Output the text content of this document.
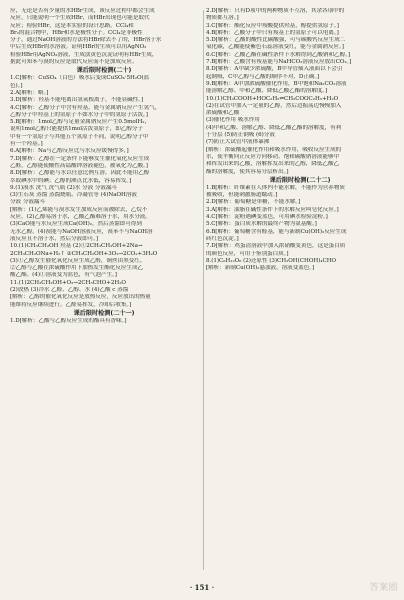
应，无论是否有少量的水HBr生成，该反应过程中都会生成
反应，只能说明一个生成HBr，而HBr出现也可能是取代
反应；检验HBr，这是本实验的设计思路。CCl₄和
Br₂的混合物中，HBr和水是极性分子。CCl₄是非极性
分子，通过NaOH溶液的方法将HBr除去不了的，HBr溶于水
中后生成HBr的水溶液。证明HBr的生成可以用AgNO₃
检验HBr用AgNO₃溶液，生成淡黄色沉淀证明有HBr生成，
据此可知苯与溴的反应是取代反应而不是加成反应。
课后限时检测(二十)
1.C[解析：CuSO₄（白色）吸水后变成CuSO₄·5H₂O(蓝
色)。]
2.A[解析：略。]
3.D[解析：羟基不能电离出氢氧根离子，不能显碱性。]
4.C[解析：乙醇分子中含有羟基，能与金属钠反应产生氢气，
乙醇分子中羟基上的氢原子不如水分子中的氢原子活泼，]
5.B[解析：1mol乙醇与足量金属钠反应产生0.5molH₂，
说明1mol乙醇只能提供1mol活泼氢原子，即乙醇分子
中有一个氢原子与其他五个氢原子不同，说明乙醇分子中
有一个羟基。]
6.A[解析：Na与乙醇反应比与水反应缓慢得多，]
7.D[解析：乙醇在一定条件下能够发生催化氧化反应生成
乙醛，乙醇能使酸性高锰酸钾溶液褪色，被氧化为乙酸。]
8.D[解析：乙醇能与水以任意比例互溶，因此不能用乙醇
萃取碘水中的碘；乙醇的沸点比水低，容易挥发。]
9.(1)溴水 洗气 洗气瓶 (2)水 分液 分液漏斗
(3)生石灰 蒸馏 蒸馏烧瓶、冷凝管等 (4)NaOH溶液
分液 分液漏斗
[解析：(1)乙烯能与溴水发生加成反应而被除去，乙烷不
反应。(2)乙醇易溶于水，乙酸乙酯难溶于水，用水分液。
(3)CaO能与水反应生成Ca(OH)₂，然后蒸馏即可得到
无水乙醇。(4)溴能与NaOH溶液反应，溴苯不与NaOH溶
液反应且不溶于水，然后分液即可。]
10.(1)CH₃CH₂OH 羟基 (2)①2CH₃CH₂OH+2Na→
2CH₃CH₂ONa+H₂↑ ②CH₃CH₂OH+3O₂→2CO₂+3H₂O
(3)①乙醇发生催化氧化反应生成乙醛，铜丝由黑变红。
②乙醇与乙酸在浓硫酸作用下加热发生酯化反应生成乙
酸乙酯。(4)①溶液变为蓝色，有气泡产生。]
11.(1)2CH₃CH₂OH+O₂→2CH₃CHO+2H₂O
(2)放热 (3)冷水 乙醛、乙醇、水 (4)乙酸 c 蒸馏
[解析：乙醇的催化氧化反应是放热反应，反应放出的热量
能维持反应继续进行。乙醛易挥发，冷却后收集。]
课后限时检测(二十一)
1.D[解析：乙酸与乙醇反应生成的酯具有香味。]
2.D[解析：只有D项中的两种物质不互溶，其余各项中的
物质都互溶。]
3.C[解析：酯化反应中羧酸提供羟基，醇提供氢原子。]
4.B[解析：乙酸分子中只有羧基上的氢原子可以电离。]
5.D[解析：乙酸的酸性比碳酸强，可与碳酸钙反应生成二
氧化碳，乙酸能使紫色石蕊溶液变红，能与金属钠反应。]
6.C[解析：乙酸乙酯在碱性条件下水解得到乙酸钠和乙醇。]
7.B[解析：乙酸含有羧基能与NaHCO₃溶液反应放出CO₂。]
8.D[解析：A中缺少浓硫酸，B中导管插入液面以下会引
起倒吸，C中乙醇与乙酸的顺序不对，D正确。]
9.B[解析：A中加浓硫酸催化作用，B中饱和Na₂CO₃溶液
能溶解乙醇、中和乙酸、降低乙酸乙酯的溶解度。]
10.(1)CH₃COOH+HOC₂H₅⇌CH₃COOC₂H₅+H₂O
(2)在试管中加入一定量的乙醇，然后边振荡边慢慢加入
浓硫酸和乙酸
(3)催化作用 吸水作用
(4)中和乙酸、溶解乙醇、降低乙酸乙酯的溶解度，有利
于分层 (5)防止倒吸 (6)分液
(7)防止大试管中液体暴沸
[解析：浓硫酸起催化作用和吸水作用，吸收反应生成的
水，使平衡向正反应方向移动。饱和碳酸钠溶液能够中
和挥发出来的乙酸，溶解挥发出来的乙醇，降低乙酸乙
酯的溶解度，使其容易分层析出。]
课后限时检测(二十二)
1.B[解析：纤维素在人体内不能水解，不能作为营养物质
被吸收，但能刺激肠道蠕动。]
2.D[解析：葡萄糖是单糖，不能水解。]
3.A[解析：油脂在碱性条件下的水解反应叫皂化反应。]
4.C[解析：淀粉遇碘变蓝色，可用碘水检验淀粉。]
5.C[解析：蛋白质水解的最终产物为氨基酸。]
6.B[解析：葡萄糖含有醛基，能与新制Cu(OH)₂反应生成
砖红色沉淀。]
7.D[解析：鸡蛋清溶液中加入浓硝酸变黄色，这是蛋白质
的颜色反应，可用于鉴别蛋白质。]
8.(1)C₆H₁₂O₆ (2)还原性 (3)CH₂OH(CHOH)₄CHO
[解析：新制Cu(OH)₂悬浊液，溶液变蓝色。]
· 151 ·	答案圈
